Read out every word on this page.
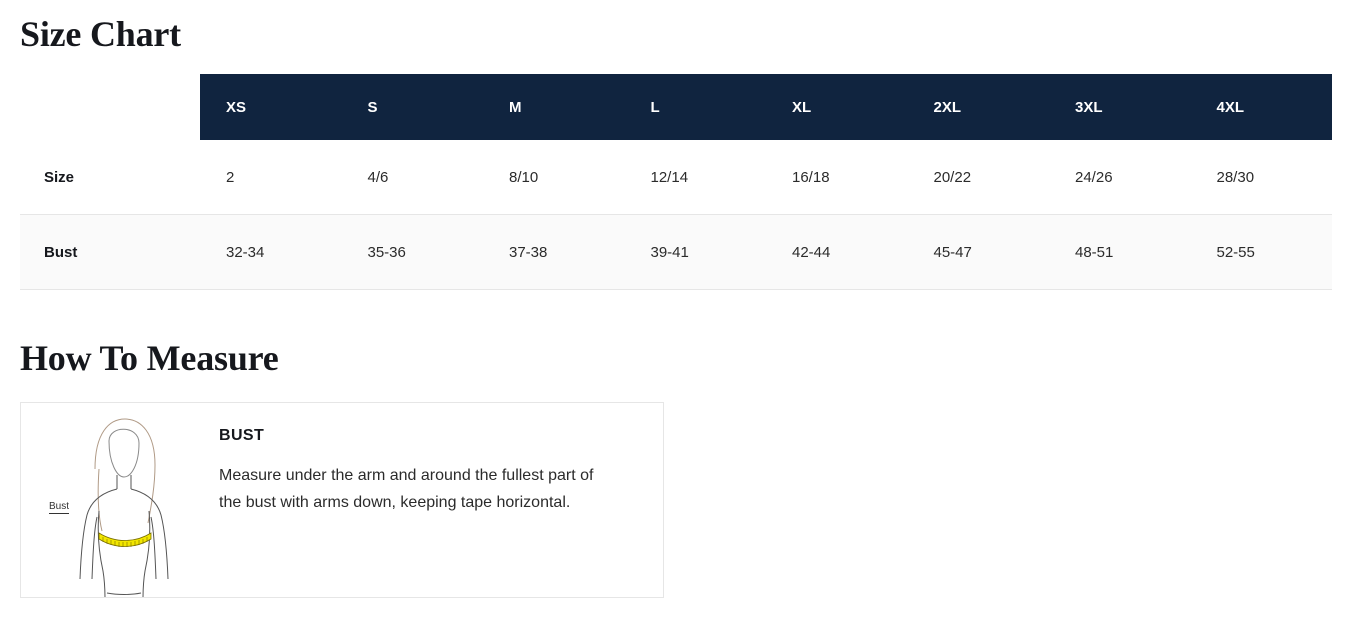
Size Chart
	XS	S	M	L	XL	2XL	3XL	4XL
Size	2	4/6	8/10	12/14	16/18	20/22	24/26	28/30
Bust	32-34	35-36	37-38	39-41	42-44	45-47	48-51	52-55
How To Measure
Bust

BUST

Measure under the arm and around the fullest part of the bust with arms down, keeping tape horizontal.
